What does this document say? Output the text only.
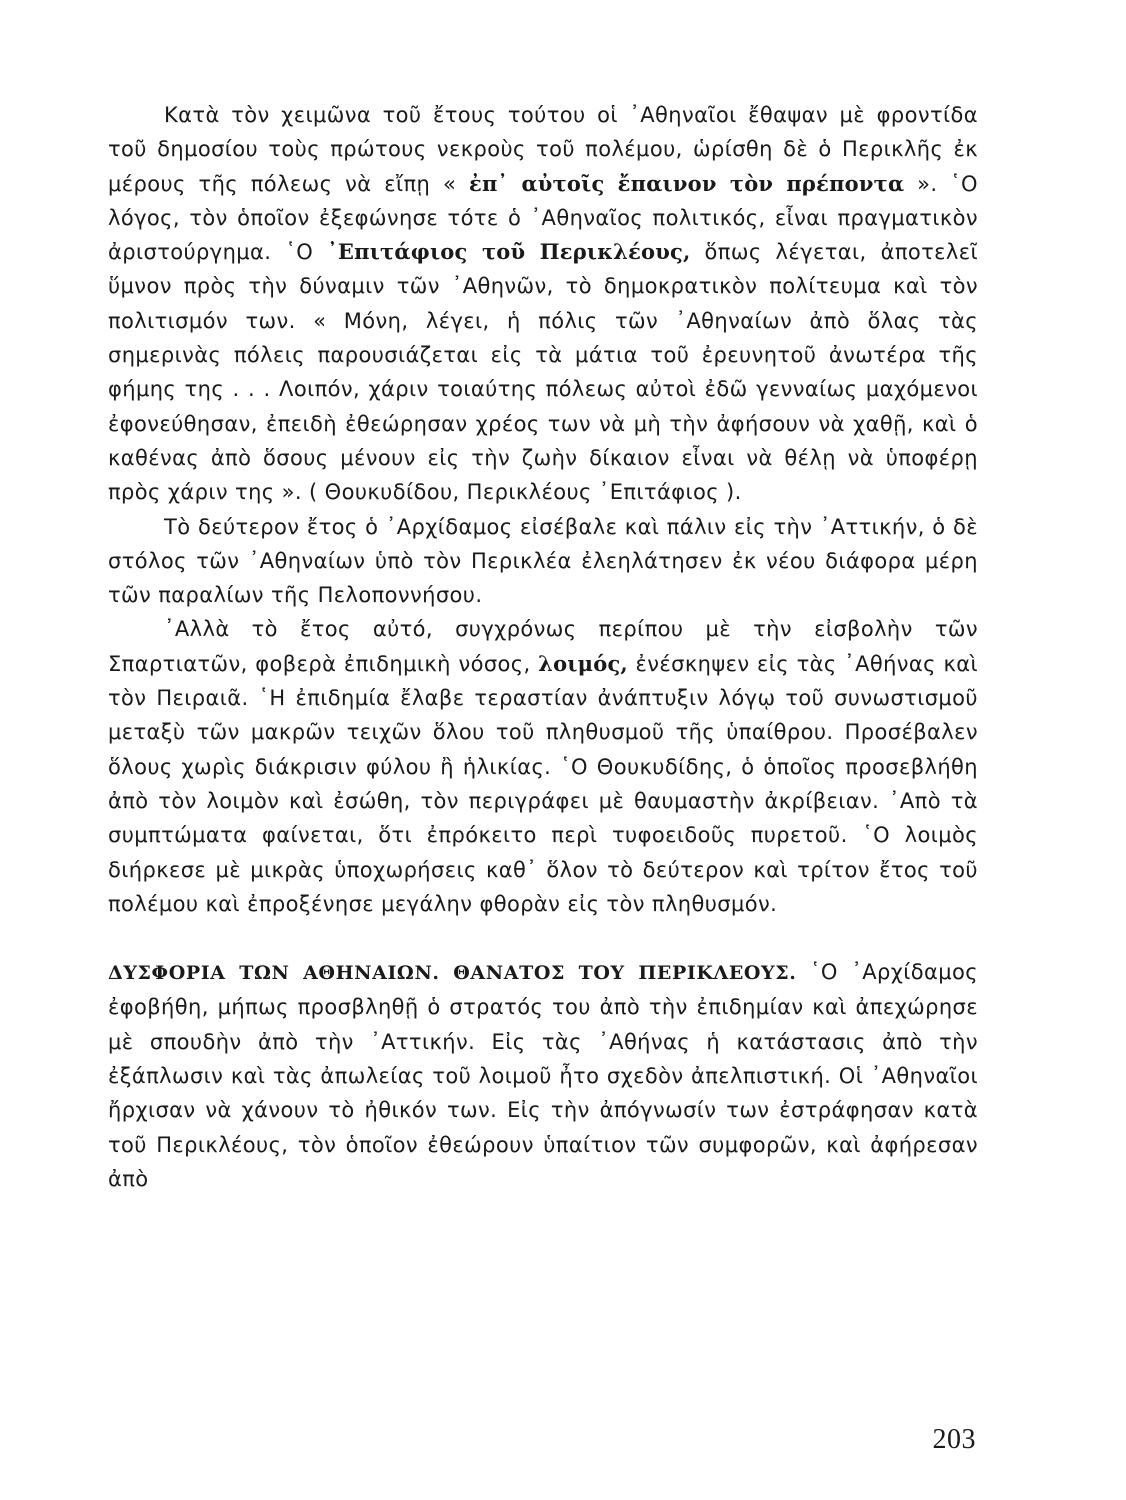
Κατὰ τὸν χειμῶνα τοῦ ἔτους τούτου οἱ ᾿Αθηναῖοι ἔθαψαν μὲ φροντίδα τοῦ δημοσίου τοὺς πρώτους νεκροὺς τοῦ πολέμου, ὡρίσθη δὲ ὁ Περικλῆς ἐκ μέρους τῆς πόλεως νὰ εἴπῃ « ἐπ᾿ αὐτοῖς ἔπαινον τὸν πρέποντα ». ῾Ο λόγος, τὸν ὁποῖον ἐξεφώνησε τότε ὁ ᾿Αθηναῖος πολιτικός, εἶναι πραγματικὸν ἀριστούργημα. ῾Ο ᾿Επιτάφιος τοῦ Περικλέους, ὅπως λέγεται, ἀποτελεῖ ὕμνον πρὸς τὴν δύναμιν τῶν ᾿Αθηνῶν, τὸ δημοκρατικὸν πολίτευμα καὶ τὸν πολιτισμόν των. « Μόνη, λέγει, ἡ πόλις τῶν ᾿Αθηναίων ἀπὸ ὅλας τὰς σημερινὰς πόλεις παρουσιάζεται εἰς τὰ μάτια τοῦ ἐρευνητοῦ ἀνωτέρα τῆς φήμης της . . . Λοιπόν, χάριν τοιαύτης πόλεως αὐτοὶ ἐδῶ γενναίως μαχόμενοι ἐφονεύθησαν, ἐπειδὴ ἐθεώρησαν χρέος των νὰ μὴ τὴν ἀφήσουν νὰ χαθῇ, καὶ ὁ καθένας ἀπὸ ὅσους μένουν εἰς τὴν ζωὴν δίκαιον εἶναι νὰ θέλῃ νὰ ὑποφέρῃ πρὸς χάριν της ». ( Θουκυδίδου, Περικλέους ᾿Επιτάφιος ).

Τὸ δεύτερον ἔτος ὁ ᾿Αρχίδαμος εἰσέβαλε καὶ πάλιν εἰς τὴν ᾿Αττικήν, ὁ δὲ στόλος τῶν ᾿Αθηναίων ὑπὸ τὸν Περικλέα ἐλεηλάτησεν ἐκ νέου διάφορα μέρη τῶν παραλίων τῆς Πελοποννήσου.

᾿Αλλὰ τὸ ἔτος αὐτό, συγχρόνως περίπου μὲ τὴν εἰσβολὴν τῶν Σπαρτιατῶν, φοβερὰ ἐπιδημικὴ νόσος, λοιμός, ἐνέσκηψεν εἰς τὰς ᾿Αθήνας καὶ τὸν Πειραιᾶ. ῾Η ἐπιδημία ἔλαβε τεραστίαν ἀνάπτυξιν λόγῳ τοῦ συνωστισμοῦ μεταξὺ τῶν μακρῶν τειχῶν ὅλου τοῦ πληθυσμοῦ τῆς ὑπαίθρου. Προσέβαλεν ὅλους χωρὶς διάκρισιν φύλου ἢ ἡλικίας. ῾Ο Θουκυδίδης, ὁ ὁποῖος προσεβλήθη ἀπὸ τὸν λοιμὸν καὶ ἐσώθη, τὸν περιγράφει μὲ θαυμαστὴν ἀκρίβειαν. ᾿Απὸ τὰ συμπτώματα φαίνεται, ὅτι ἐπρόκειτο περὶ τυφοειδοῦς πυρετοῦ. ῾Ο λοιμὸς διήρκεσε μὲ μικρὰς ὑποχωρήσεις καθ᾿ ὅλον τὸ δεύτερον καὶ τρίτον ἔτος τοῦ πολέμου καὶ ἐπροξένησε μεγάλην φθορὰν εἰς τὸν πληθυσμόν.

ΔΥΣΦΟΡΙΑ ΤΩΝ ΑΘΗΝΑΙΩΝ. ΘΑΝΑΤΟΣ ΤΟΥ ΠΕΡΙΚΛΕΟΥΣ. ῾Ο ᾿Αρχίδαμος ἐφοβήθη, μήπως προσβληθῇ ὁ στρατός του ἀπὸ τὴν ἐπιδημίαν καὶ ἀπεχώρησε μὲ σπουδὴν ἀπὸ τὴν ᾿Αττικήν. Εἰς τὰς ᾿Αθήνας ἡ κατάστασις ἀπὸ τὴν ἐξάπλωσιν καὶ τὰς ἀπωλείας τοῦ λοιμοῦ ἦτο σχεδὸν ἀπελπιστική. Οἱ ᾿Αθηναῖοι ἤρχισαν νὰ χάνουν τὸ ἠθικόν των. Εἰς τὴν ἀπόγνωσίν των ἐστράφησαν κατὰ τοῦ Περικλέους, τὸν ὁποῖον ἐθεώρουν ὑπαίτιον τῶν συμφορῶν, καὶ ἀφήρεσαν ἀπὸ

203
